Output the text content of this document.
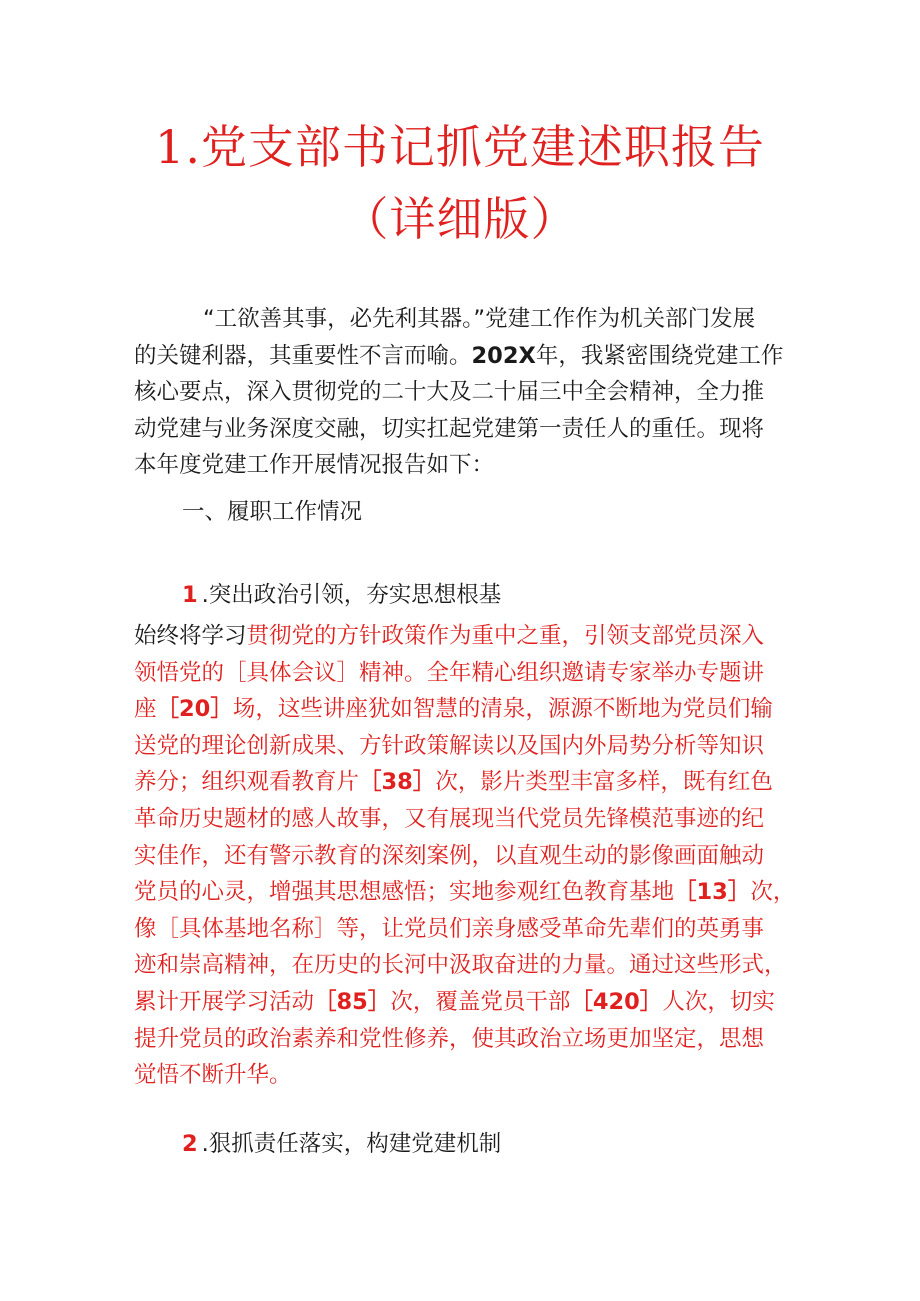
1.党支部书记抓党建述职报告
（详细版）
“工欲善其事，必先利其器。”党建工作作为机关部门发展
的关键利器，其重要性不言而喻。202X年，我紧密围绕党建工作
核心要点，深入贯彻党的二十大及二十届三中全会精神，全力推
动党建与业务深度交融，切实扛起党建第一责任人的重任。现将
本年度党建工作开展情况报告如下：
一、履职工作情况
1 .突出政治引领，夯实思想根基
始终将学习贯彻党的方针政策作为重中之重，引领支部党员深入
领悟党的［具体会议］精神。全年精心组织邀请专家举办专题讲
座［20］场，这些讲座犹如智慧的清泉，源源不断地为党员们输
送党的理论创新成果、方针政策解读以及国内外局势分析等知识
养分；组织观看教育片［38］次，影片类型丰富多样，既有红色
革命历史题材的感人故事，又有展现当代党员先锋模范事迹的纪
实佳作，还有警示教育的深刻案例，以直观生动的影像画面触动
党员的心灵，增强其思想感悟；实地参观红色教育基地［13］次，
像［具体基地名称］等，让党员们亲身感受革命先辈们的英勇事
迹和崇高精神，在历史的长河中汲取奋进的力量。通过这些形式，
累计开展学习活动［85］次，覆盖党员干部［420］人次，切实
提升党员的政治素养和党性修养，使其政治立场更加坚定，思想
觉悟不断升华。
2 .狠抓责任落实，构建党建机制
